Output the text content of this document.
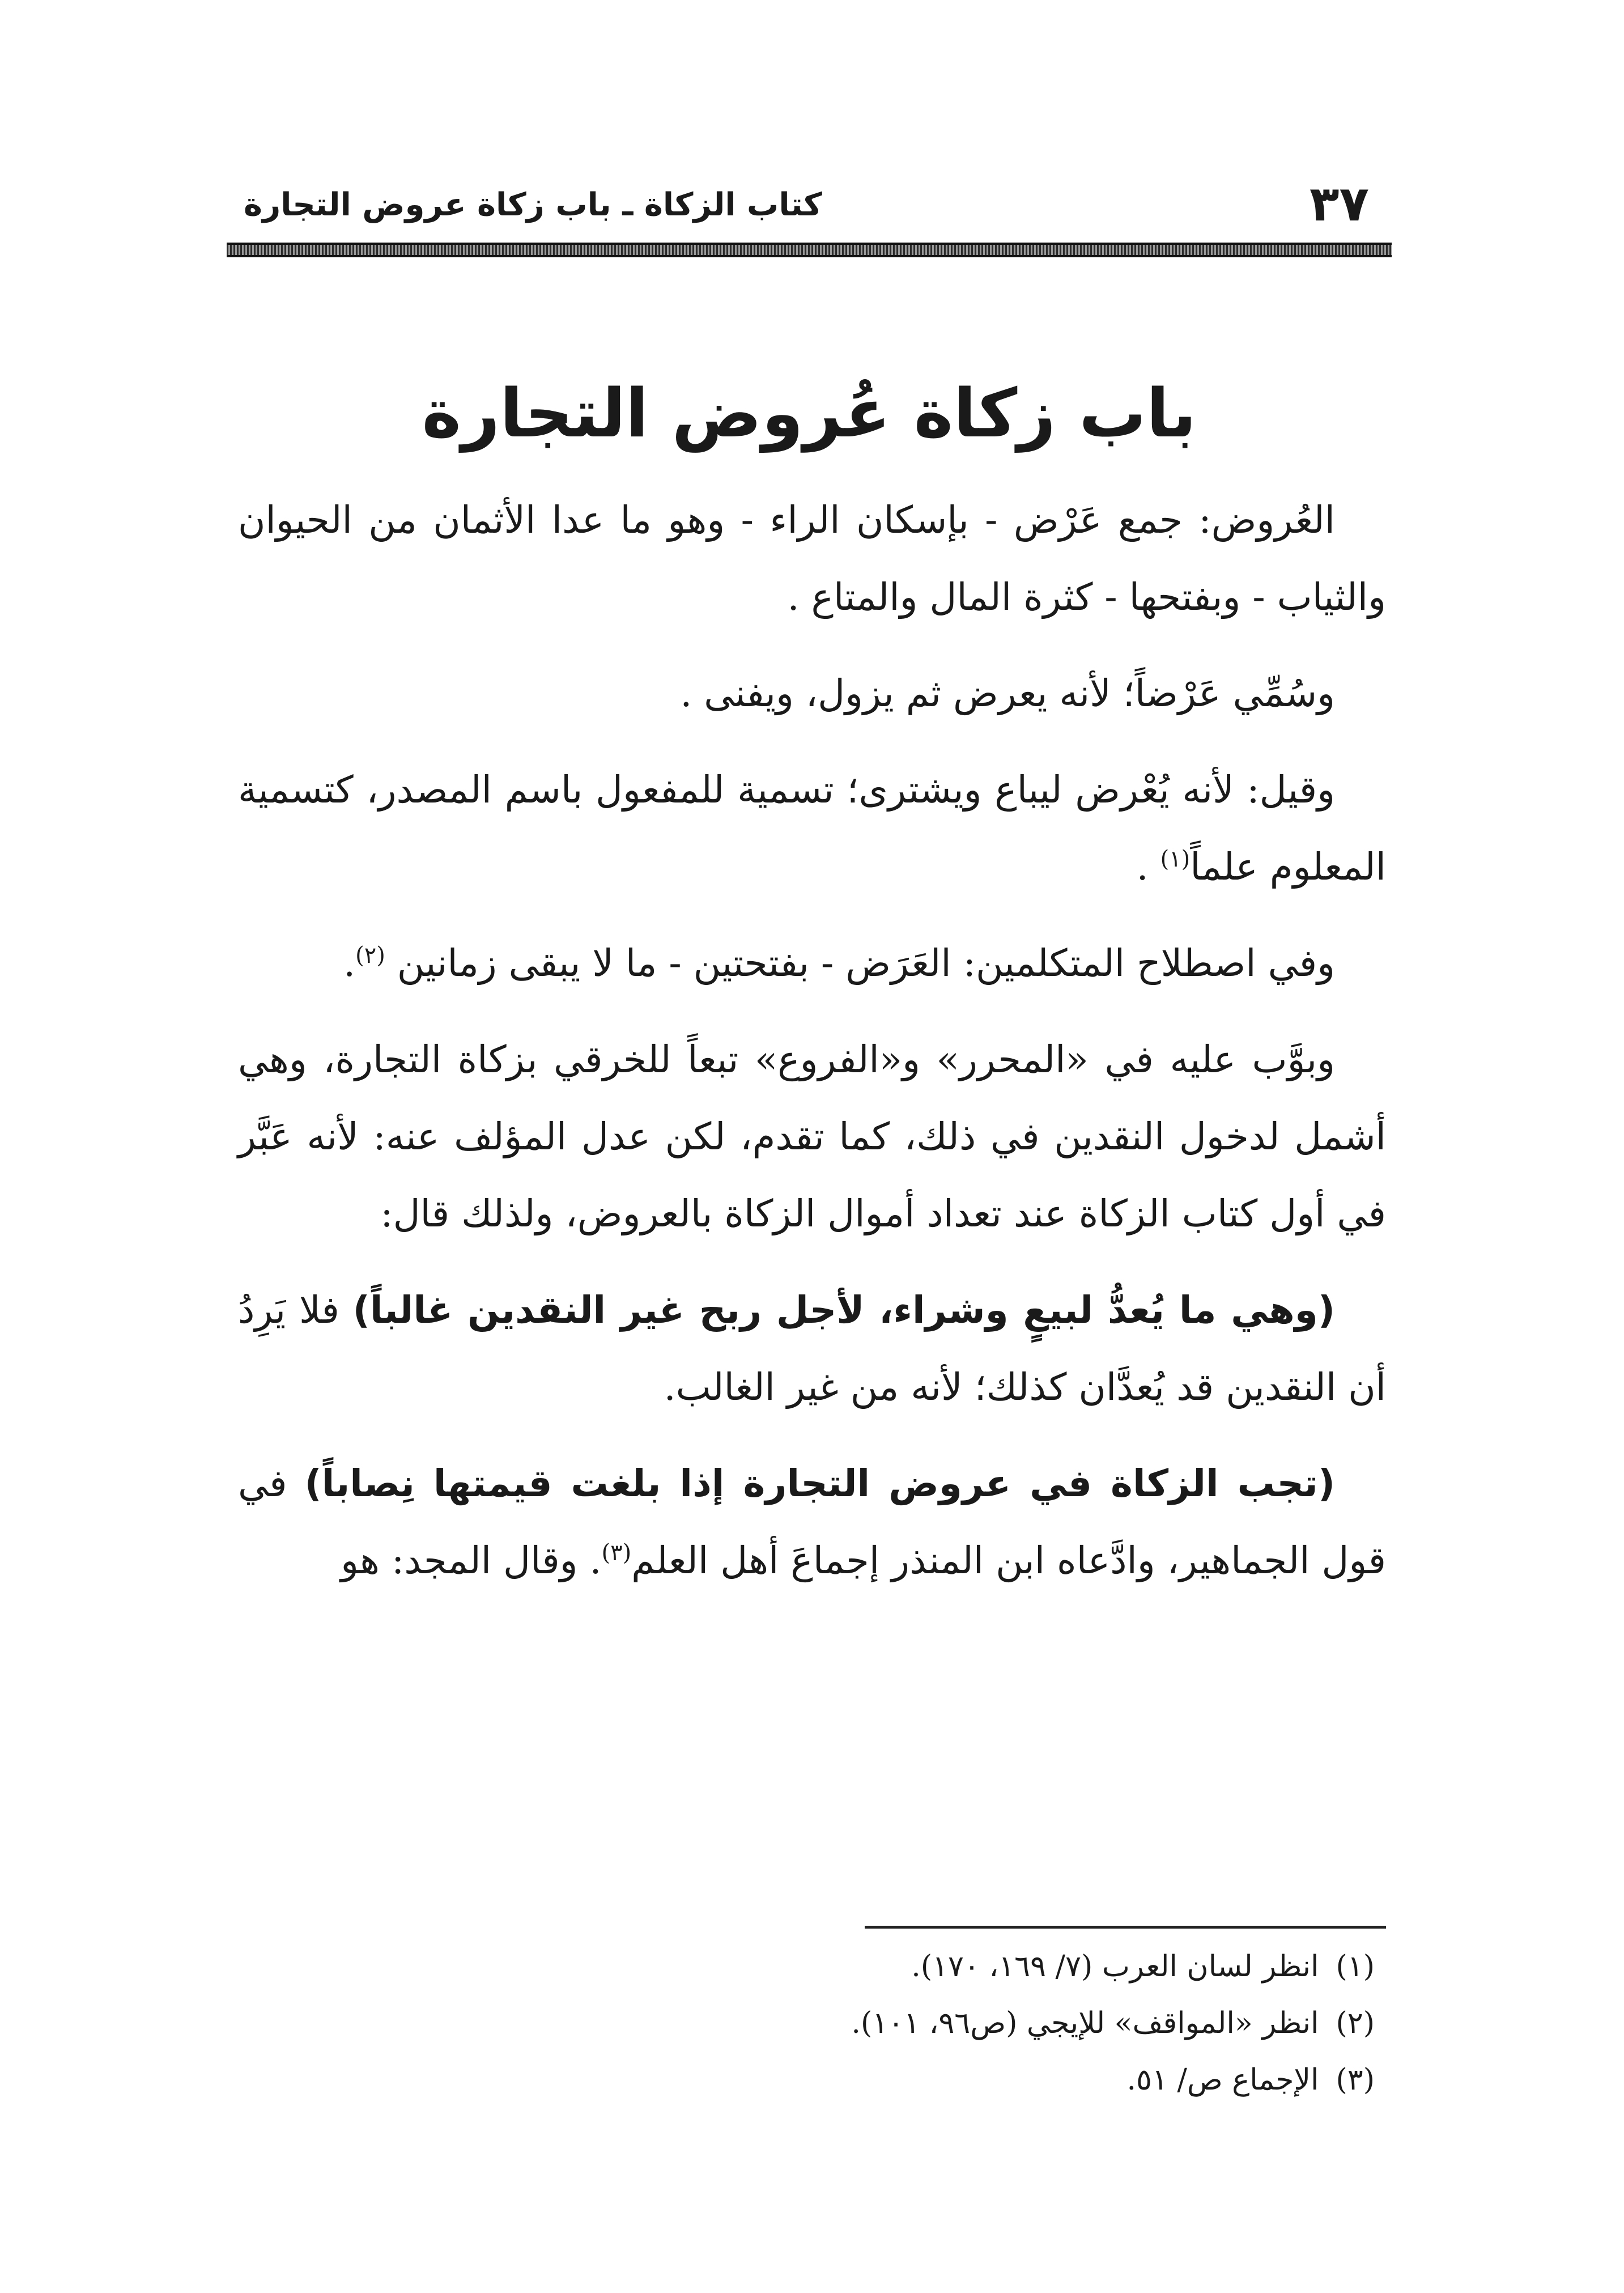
٣٧
كتاب الزكاة ـ باب زكاة عروض التجارة
باب زكاة عُروض التجارة

العُروض: جمع عَرْض - بإسكان الراء - وهو ما عدا الأثمان من الحيوان والثياب - وبفتحها - كثرة المال والمتاع .

وسُمِّي عَرْضاً؛ لأنه يعرض ثم يزول، ويفنى .

وقيل: لأنه يُعْرض ليباع ويشترى؛ تسمية للمفعول باسم المصدر، كتسمية المعلوم علماً$^{(١)}$ .

وفي اصطلاح المتكلمين: العَرَض - بفتحتين - ما لا يبقى زمانين $^{(٢)}$.

وبوَّب عليه في «المحرر» و«الفروع» تبعاً للخرقي بزكاة التجارة، وهي أشمل لدخول النقدين في ذلك، كما تقدم، لكن عدل المؤلف عنه: لأنه عَبَّر في أول كتاب الزكاة عند تعداد أموال الزكاة بالعروض، ولذلك قال:

(وهي ما يُعدُّ لبيعٍ وشراء، لأجل ربح غير النقدين غالباً) فلا يَرِدُ أن النقدين قد يُعدَّان كذلك؛ لأنه من غير الغالب.

(تجب الزكاة في عروض التجارة إذا بلغت قيمتها نِصاباً) في قول الجماهير، وادَّعاه ابن المنذر إجماعَ أهل العلم$^{(٣)}$. وقال المجد: هو

(١)انظر لسان العرب (٧/ ١٦٩، ١٧٠).

(٢)انظر «المواقف» للإيجي (ص٩٦، ١٠١).

(٣)الإجماع ص/ ٥١.
